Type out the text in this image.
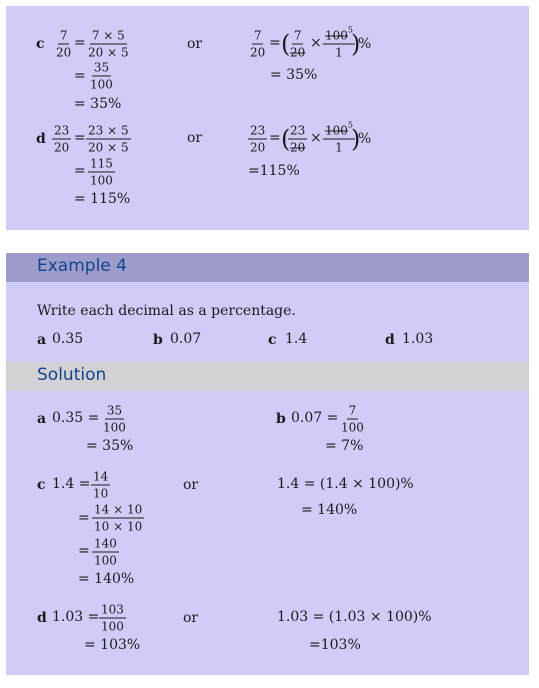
c $\frac{7}{20} = \frac{7 \times 5}{20 \times 5}$
= $\frac{35}{100}$
= 35%
or	$\frac{7}{20}$ = (
$\frac{7}{20} \times \frac{100^5}{1}$
)
%
= 35%
d $\frac{23}{20} = \frac{23 \times 5}{20 \times 5}$
= $\frac{115}{100}$
= 115%
or	$\frac{23}{20}$ = (
$\frac{23}{20} \times \frac{100^5}{1}$
)
%
=115%
Example 4
Write each decimal as a percentage.
a 0.35	b 0.07	c 1.4	d 1.03
Solution
a $0.35 = \frac{35}{100}$
= 35%
b $0.07 = \frac{7}{100}$
= 7%
c $1.4 = \frac{14}{10}$
= $\frac{14 \times 10}{10 \times 10}$
= $\frac{140}{100}$
= 140%
or	1.4 = (1.4 × 100)%
= 140%
d $1.03 = \frac{103}{100}$
= 103%
or	1.03 = (1.03 × 100)%
=103%
